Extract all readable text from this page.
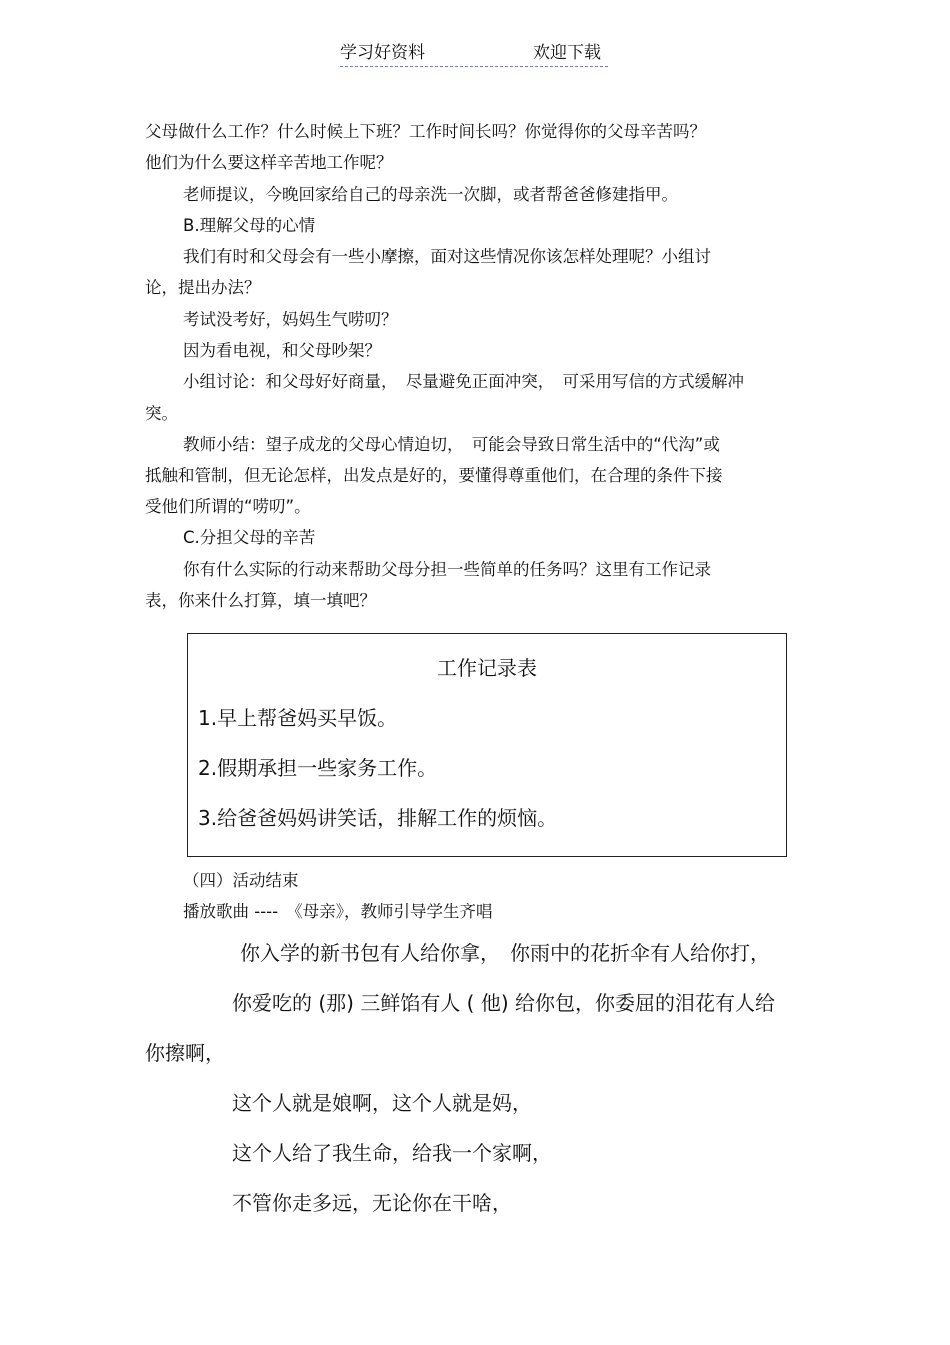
学习好资料	欢迎下载
父母做什么工作？什么时候上下班？工作时间长吗？你觉得你的父母辛苦吗？
他们为什么要这样辛苦地工作呢？
老师提议，今晚回家给自己的母亲洗一次脚，或者帮爸爸修建指甲。
B.理解父母的心情
我们有时和父母会有一些小摩擦，面对这些情况你该怎样处理呢？小组讨
论，提出办法？
考试没考好，妈妈生气唠叨？
因为看电视，和父母吵架？
小组讨论：和父母好好商量，　尽量避免正面冲突，　可采用写信的方式缓解冲
突。
教师小结：望子成龙的父母心情迫切，　可能会导致日常生活中的“代沟”或
抵触和管制，但无论怎样，出发点是好的，要懂得尊重他们，在合理的条件下接
受他们所谓的“唠叨”。
C.分担父母的辛苦
你有什么实际的行动来帮助父母分担一些简单的任务吗？这里有工作记录
表，你来什么打算，填一填吧？
工作记录表
1.早上帮爸妈买早饭。
2.假期承担一些家务工作。
3.给爸爸妈妈讲笑话，排解工作的烦恼。
（四）活动结束
播放歌曲 ----　《母亲》，教师引导学生齐唱
你入学的新书包有人给你拿，　你雨中的花折伞有人给你打，
你爱吃的 (那) 三鲜馅有人 ( 他) 给你包，你委屈的泪花有人给
你擦啊，
这个人就是娘啊，这个人就是妈，
这个人给了我生命，给我一个家啊，
不管你走多远，无论你在干啥，
